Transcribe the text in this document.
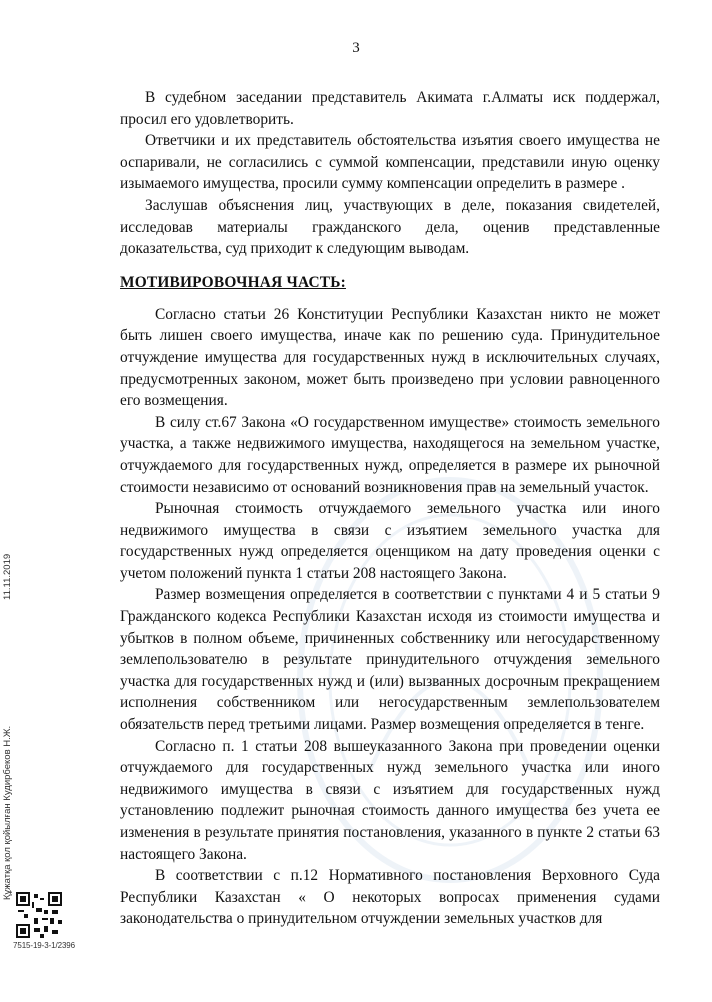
3

В судебном заседании представитель Акимата г.Алматы иск поддержал, просил его удовлетворить.

Ответчики и их представитель обстоятельства изъятия своего имущества не оспаривали, не согласились с суммой компенсации, представили иную оценку изымаемого имущества, просили сумму компенсации определить в размере .

Заслушав объяснения лиц, участвующих в деле, показания свидетелей, исследовав материалы гражданского дела, оценив представленные доказательства, суд приходит к следующим выводам.

МОТИВИРОВОЧНАЯ ЧАСТЬ:

Согласно статьи 26 Конституции Республики Казахстан никто не может быть лишен своего имущества, иначе как по решению суда. Принудительное отчуждение имущества для государственных нужд в исключительных случаях, предусмотренных законом, может быть произведено при условии равноценного его возмещения.

В силу ст.67 Закона «О государственном имуществе» стоимость земельного участка, а также недвижимого имущества, находящегося на земельном участке, отчуждаемого для государственных нужд, определяется в размере их рыночной стоимости независимо от оснований возникновения прав на земельный участок.

Рыночная стоимость отчуждаемого земельного участка или иного недвижимого имущества в связи с изъятием земельного участка для государственных нужд определяется оценщиком на дату проведения оценки с учетом положений пункта 1 статьи 208 настоящего Закона.

Размер возмещения определяется в соответствии с пунктами 4 и 5 статьи 9 Гражданского кодекса Республики Казахстан исходя из стоимости имущества и убытков в полном объеме, причиненных собственнику или негосударственному землепользователю в результате принудительного отчуждения земельного участка для государственных нужд и (или) вызванных досрочным прекращением исполнения собственником или негосударственным землепользователем обязательств перед третьими лицами. Размер возмещения определяется в тенге.

Согласно п. 1 статьи 208 вышеуказанного Закона при проведении оценки отчуждаемого для государственных нужд земельного участка или иного недвижимого имущества в связи с изъятием для государственных нужд установлению подлежит рыночная стоимость данного имущества без учета ее изменения в результате принятия постановления, указанного в пункте 2 статьи 63 настоящего Закона.

В соответствии с п.12 Нормативного постановления Верховного Суда Республики Казахстан « О некоторых вопросах применения судами законодательства о принудительном отчуждении земельных участков для

Құжатқа қол қойылған Кудирбеков Н.Ж.
11.11.2019
7515-19-3-1/2396
